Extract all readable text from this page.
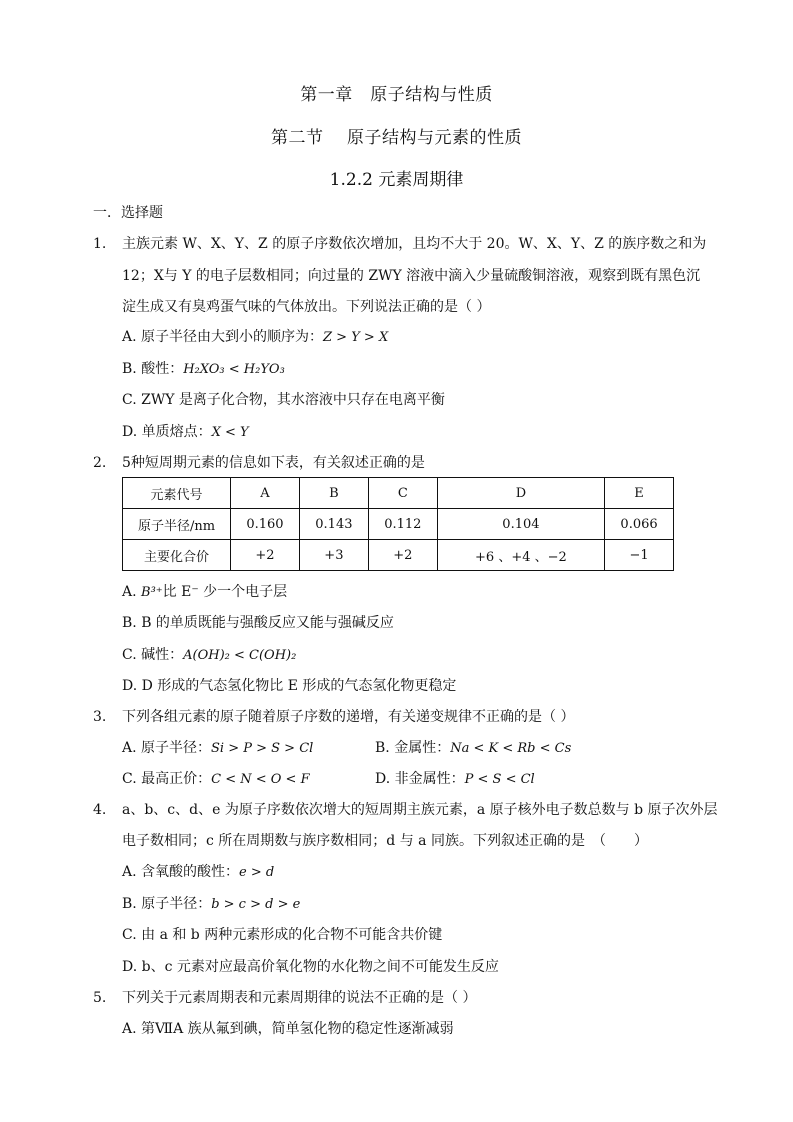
第一章　原子结构与性质
第二节　 原子结构与元素的性质
1.2.2 元素周期律
一．选择题
1. 主族元素 W、X、Y、Z 的原子序数依次增加，且均不大于 20。W、X、Y、Z 的族序数之和为
12；X与 Y 的电子层数相同；向过量的 ZWY 溶液中滴入少量硫酸铜溶液，观察到既有黑色沉
淀生成又有臭鸡蛋气味的气体放出。下列说法正确的是（ ）
A. 原子半径由大到小的顺序为：Z > Y > X
B. 酸性：H₂XO₃ < H₂YO₃
C. ZWY 是离子化合物，其水溶液中只存在电离平衡
D. 单质熔点：X < Y
2. 5种短周期元素的信息如下表，有关叙述正确的是
元素代号	A	B	C	D	E
原子半径/nm	0.160	0.143	0.112	0.104	0.066
主要化合价	+2	+3	+2	+6 、+4 、−2	−1
A. B³⁺比 E⁻ 少一个电子层
B. B 的单质既能与强酸反应又能与强碱反应
C. 碱性：A(OH)₂ < C(OH)₂
D. D 形成的气态氢化物比 E 形成的气态氢化物更稳定
3. 下列各组元素的原子随着原子序数的递增，有关递变规律不正确的是（ ）
A. 原子半径：Si > P > S > Cl	B. 金属性：Na < K < Rb < Cs
C. 最高正价：C < N < O < F	D. 非金属性：P < S < Cl
4. a、b、c、d、e 为原子序数依次增大的短周期主族元素，a 原子核外电子数总数与 b 原子次外层
电子数相同；c 所在周期数与族序数相同；d 与 a 同族。下列叙述正确的是　（　　）
A. 含氧酸的酸性：e > d
B. 原子半径：b > c > d > e
C. 由 a 和 b 两种元素形成的化合物不可能含共价键
D. b、c 元素对应最高价氧化物的水化物之间不可能发生反应
5. 下列关于元素周期表和元素周期律的说法不正确的是（ ）
A. 第ⅦA 族从氟到碘，简单氢化物的稳定性逐渐减弱
